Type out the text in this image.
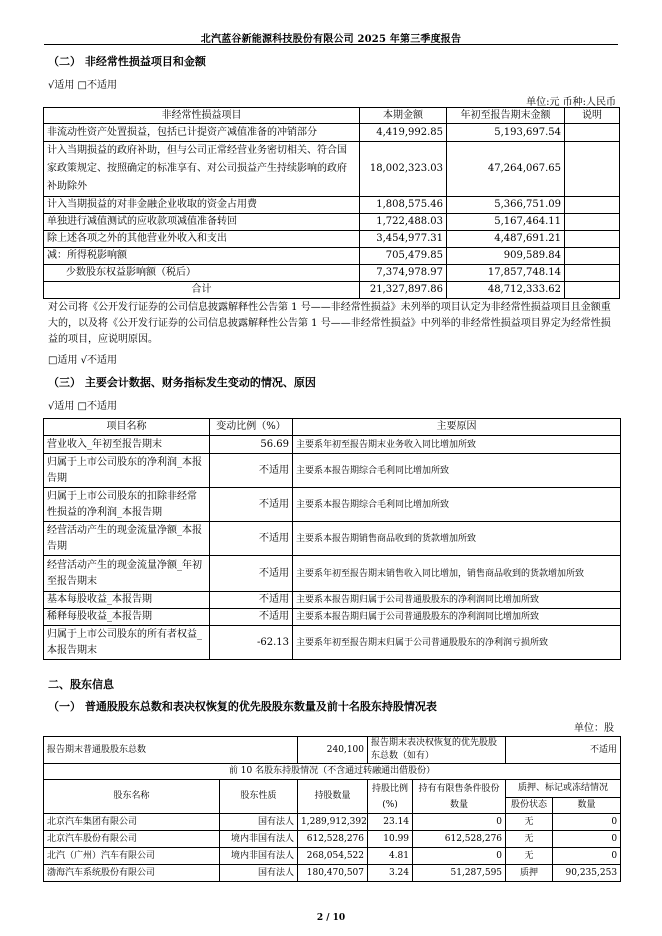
北汽蓝谷新能源科技股份有限公司 2025 年第三季度报告
（二） 非经常性损益项目和金额
√适用 □不适用
单位:元 币种:人民币
非经常性损益项目	本期金额	年初至报告期末金额	说明
非流动性资产处置损益，包括已计提资产减值准备的冲销部分	4,419,992.85	5,193,697.54	
计入当期损益的政府补助，但与公司正常经营业务密切相关、符合国家政策规定、按照确定的标准享有、对公司损益产生持续影响的政府补助除外	18,002,323.03	47,264,067.65	
计入当期损益的对非金融企业收取的资金占用费	1,808,575.46	5,366,751.09	
单独进行减值测试的应收款项减值准备转回	1,722,488.03	5,167,464.11	
除上述各项之外的其他营业外收入和支出	3,454,977.31	4,487,691.21	
减：所得税影响额	705,479.85	909,589.84	
少数股东权益影响额（税后）	7,374,978.97	17,857,748.14	
合计	21,327,897.86	48,712,333.62	
对公司将《公开发行证券的公司信息披露解释性公告第 1 号——非经常性损益》未列举的项目认定为非经常性损益项目且金额重大的，以及将《公开发行证券的公司信息披露解释性公告第 1 号——非经常性损益》中列举的非经常性损益项目界定为经常性损益的项目，应说明原因。
□适用 √不适用
（三） 主要会计数据、财务指标发生变动的情况、原因
√适用 □不适用
项目名称	变动比例（%）	主要原因
营业收入_年初至报告期末	56.69	主要系年初至报告期末业务收入同比增加所致
归属于上市公司股东的净利润_本报告期	不适用	主要系本报告期综合毛利同比增加所致
归属于上市公司股东的扣除非经常性损益的净利润_本报告期	不适用	主要系本报告期综合毛利同比增加所致
经营活动产生的现金流量净额_本报告期	不适用	主要系本报告期销售商品收到的货款增加所致
经营活动产生的现金流量净额_年初至报告期末	不适用	主要系年初至报告期末销售收入同比增加，销售商品收到的货款增加所致
基本每股收益_本报告期	不适用	主要系本报告期归属于公司普通股股东的净利润同比增加所致
稀释每股收益_本报告期	不适用	主要系本报告期归属于公司普通股股东的净利润同比增加所致
归属于上市公司股东的所有者权益_本报告期末	-62.13	主要系年初至报告期末归属于公司普通股股东的净利润亏损所致
二、股东信息
（一） 普通股股东总数和表决权恢复的优先股股东数量及前十名股东持股情况表
单位：股
报告期末普通股股东总数		240,100	报告期末表决权恢复的优先股股东总数（如有）		不适用	
前 10 名股东持股情况（不含通过转融通出借股份）						
股东名称	股东性质	持股数量	持股比例(%)	持有有限售条件股份数量	质押、标记或冻结情况	
					股份状态	数量
北京汽车集团有限公司	国有法人	1,289,912,392	23.14	0	无	0
北京汽车股份有限公司	境内非国有法人	612,528,276	10.99	612,528,276	无	0
北汽（广州）汽车有限公司	境内非国有法人	268,054,522	4.81	0	无	0
渤海汽车系统股份有限公司	国有法人	180,470,507	3.24	51,287,595	质押	90,235,253
2 / 10
